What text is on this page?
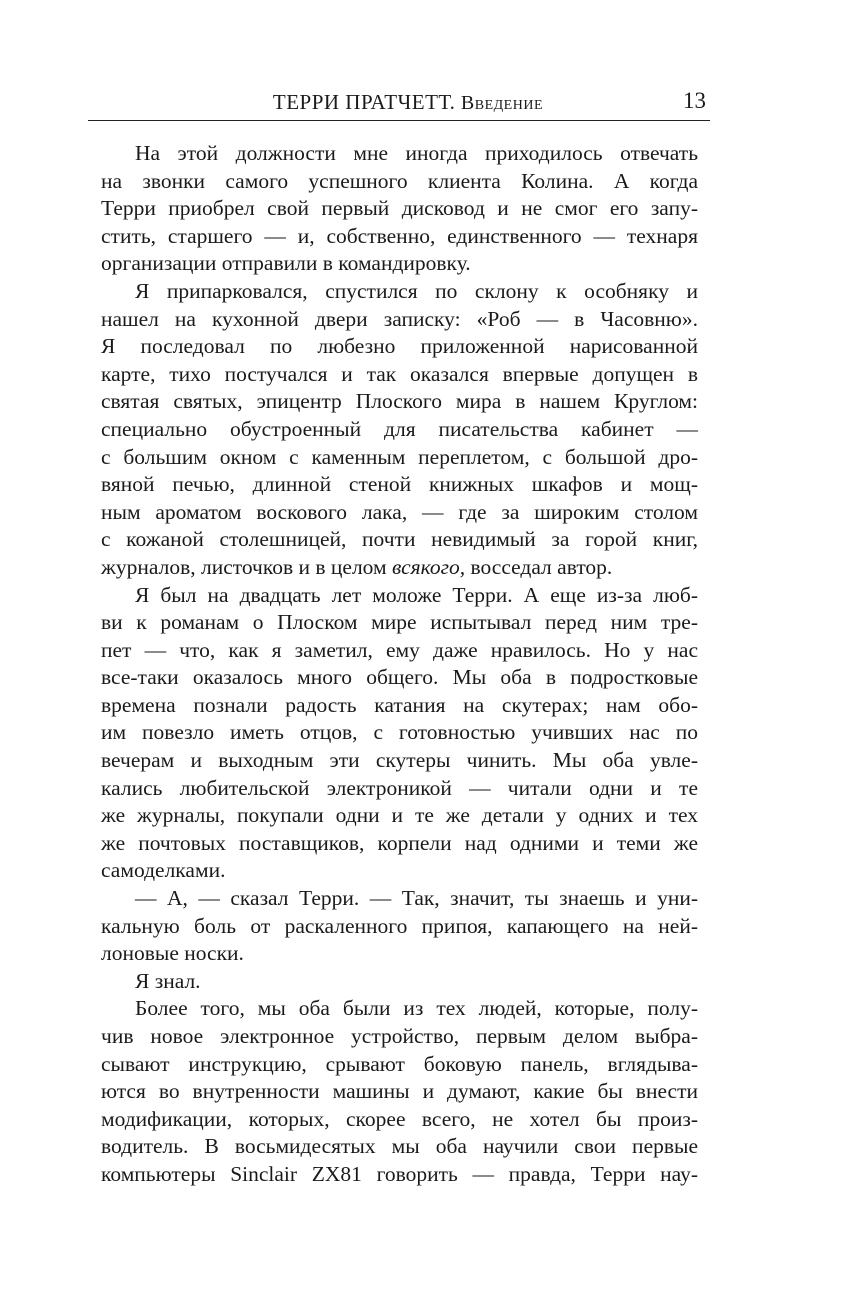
ТЕРРИ ПРАТЧЕТТ. Введение	13
На этой должности мне иногда приходилось отвечать
на звонки самого успешного клиента Колина. А когда
Терри приобрел свой первый дисковод и не смог его запу-
стить, старшего — и, собственно, единственного — технаря
организации отправили в командировку.
Я припарковался, спустился по склону к особняку и
нашел на кухонной двери записку: «Роб — в Часовню».
Я последовал по любезно приложенной нарисованной
карте, тихо постучался и так оказался впервые допущен в
святая святых, эпицентр Плоского мира в нашем Круглом:
специально обустроенный для писательства кабинет —
с большим окном с каменным переплетом, с большой дро-
вяной печью, длинной стеной книжных шкафов и мощ-
ным ароматом воскового лака, — где за широким столом
с кожаной столешницей, почти невидимый за горой книг,
журналов, листочков и в целом всякого, восседал автор.
Я был на двадцать лет моложе Терри. А еще из-за люб-
ви к романам о Плоском мире испытывал перед ним тре-
пет — что, как я заметил, ему даже нравилось. Но у нас
все-таки оказалось много общего. Мы оба в подростковые
времена познали радость катания на скутерах; нам обо-
им повезло иметь отцов, с готовностью учивших нас по
вечерам и выходным эти скутеры чинить. Мы оба увле-
кались любительской электроникой — читали одни и те
же журналы, покупали одни и те же детали у одних и тех
же почтовых поставщиков, корпели над одними и теми же
самоделками.
— А, — сказал Терри. — Так, значит, ты знаешь и уни-
кальную боль от раскаленного припоя, капающего на ней-
лоновые носки.
Я знал.
Более того, мы оба были из тех людей, которые, полу-
чив новое электронное устройство, первым делом выбра-
сывают инструкцию, срывают боковую панель, вглядыва-
ются во внутренности машины и думают, какие бы внести
модификации, которых, скорее всего, не хотел бы произ-
водитель. В восьмидесятых мы оба научили свои первые
компьютеры Sinclair ZX81 говорить — правда, Терри нау-
